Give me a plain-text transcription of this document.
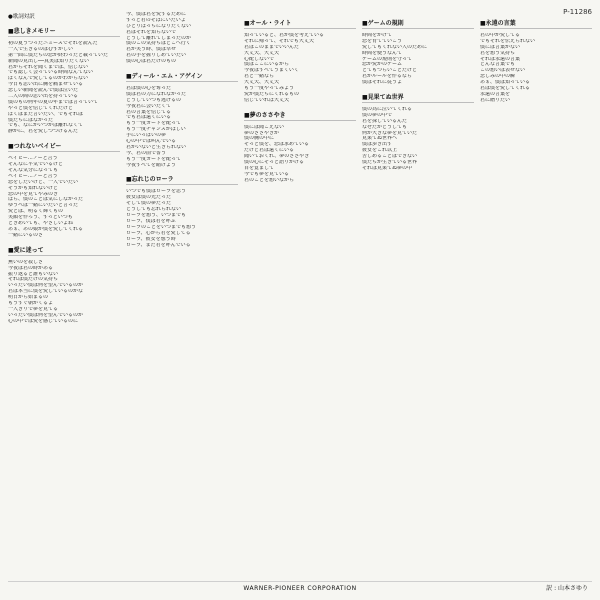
P-11286
●歌詞対訳
■悲しきメモリー
初の夏うつったニュースでそれを読んだ
一人で生きるのはむずかしい
第一面に僕たちの恋が終わったと載っていた
新聞の見出し──真実は知りたくない
君からそれを聞くまでは、信じない
でも認しく会っている時間なんてない
ぼくなんで愛してるのかわからない
今日も思い出に胸を痛ませている
悲しい新聞を読んで僕は泣いた
二人の間の思い出を持っている
僕のもの何年の夏の年までは言っていて
やっと僕を信じてくれたけど
ぼくはまた言いたい、でもそれは
僕たちにはなかった
でも、なにがいつかは離れなくて
静かに、君を愛しつづけるんだ
■つれないベイビー
ベイビー…ノーと言う
そんなに平気でいるけど
そんな気分になっても
ベイビー…ノーと言う
恋をしたいけど、一人でいたい
そうかも知れないけど
恋の中を見てやみのき
ほら、僕のことは気にしなかった
ゆうべは一緒にいたいと言った
愛とは、明るく輝くもの
笑顔を作ろう、ずっといつも
ときめいても、やさしいよね
あぁ、あの娘が僕を愛してくれる
一緒にいるのさ
■愛に迷って
無いのを寂しさ
今夜は君の時がある
振り返ると誰もいない
それは僕だけの気持ち
いったい僕は何を望んでいるのか
君は本当に僕を愛しているのかな
明日から始まるの
もうすぐ朝がくるよ
一人きりで夢を見てる
いったい僕は何を望んでいるのか
心の中では愛を感じているのに
今、僕は君を愛するために
ずっと君のそばにいたいよ
ひとりぼっちになりたくない
君はそれを知らないで
どうして離れてしまったのか
僕のこの気持ちはどこへ行く
君が笑う時、僕は幸せ
君の手を握りしめていたい
僕の心は君だけのもの
■ディール・エム・アゲイン
君は僕の心を奪った
僕は君の力になれなかった
どうしていつも逃げるの
今夜君に会いたくて
君の言葉を信じてる
でも君は遠くにいる
もう一度カードを配って
もう一度チャンスがほしい
手にいっぱいの夢
心の中では叫んでいる
君がいないと生きられない
今、君の前で誓う
もう一度カードを配って
今夜すべてを賭けよう
■忘れじのローラ
いつでも僕はローラを思う
彼女は僕の光だった
そして僕の夢だった
どうしても忘れられない
ローラを想う、いつまでも
ローラ、僕は君を呼ぶ
ローラのことをいつまでも想う
ローラ、心から君を愛してる
ローラ、彼女を想う時
ローラ、まだ君を呼んでいる
■オール・ライト
知っていると、君が僕を考えている
それに帰って、それでも大丈夫
君はこのままでいいんだ
大丈夫、大丈夫
心配しないで
僕はここにいるから
今夜はすべてうまくいく
君と一緒なら
大丈夫、大丈夫
もう一度やってみよう
愛が僕たちにくれるもの
信じていれば大丈夫
■夢のささやき
僕には聞こえない
夢のささやきが
僕の胸の中に
そっと僕を、恋は求めている
だけど君は遠くにいる
聞いておくれ、夢のささやき
僕の心にそっと語りかける
目を覚まして
今でも夢を見ている
君のことを想いながら
■ゲームの規則
時間をかけて
恋を育てていこう
愛してもくれない人のために
時間を使うなんて
ゲームの規則を守って
恋か愛かのゲーム
とてもつらいことだけど
君がルールを作るなら
僕はそれに従うよ
■見果てぬ世界
僕の為に泣いてくれる
僕の夢の中で
君を探しているんだ
なぜだかどうしても
何か大きな夢を見ていた
見果てぬ世界へ
僕は歩き出す
彼女をこれ以上
苦しめることはできない
僕たちが生きている世界
それは見果てぬ夢の中
■永遠の言葉
君の中が愛してる
でもそれを伝えられない
僕には言葉がない
君を想う気持ち
それは永遠の言葉
どんな言葉でも
この想いは表せない
悲しみの中の瞬
あぁ、僕は知っている
君は僕を愛してくれる
永遠の言葉を
君に贈りたい
WARNER-PIONEER CORPORATION	訳 : 山本さゆり
